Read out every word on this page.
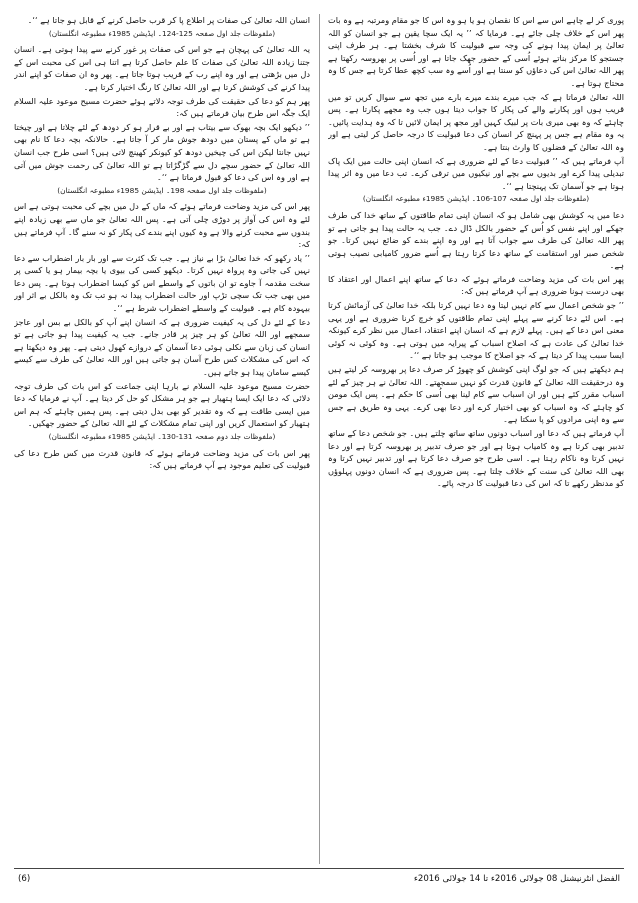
پوری کر لے چاہے اس سے اس کا نقصان ہو یا ہو وہ اس کا جو مقام ومرتبہ ہے وہ بات پھر اس کے خلاف چلی جائے ہے۔ فرمایا کہ ’’ یہ ایک سچا یقین ہے جو انسان کو اللہ تعالیٰ پر ایمان پیدا ہونے کی وجہ سے قبولیت کا شرف بخشتا ہے۔ ہر طرف اپنی جستجو کا مرکز بناتے ہوئے اُسی کے حضور جھک جاتا ہے اور اُسی پر بھروسہ رکھتا ہے پھر اللہ تعالیٰ اس کی دعاؤں کو سنتا ہے اور اُسے وہ سب کچھ عطا کرتا ہے جس کا وہ محتاج ہوتا ہے۔

اللہ تعالیٰ فرماتا ہے کہ جب میرے بندے میرے بارے میں تجھ سے سوال کریں تو میں قریب ہوں اور پکارنے والے کی پکار کا جواب دیتا ہوں جب وہ مجھے پکارتا ہے۔ پس چاہئے کہ وہ بھی میری بات پر لبیک کہیں اور مجھ پر ایمان لائیں تا کہ وہ ہدایت پائیں۔ یہ وہ مقام ہے جس پر پہنچ کر انسان کی دعا قبولیت کا درجہ حاصل کر لیتی ہے اور وہ اللہ تعالیٰ کے فضلوں کا وارث بنتا ہے۔

آپ فرماتے ہیں کہ ’’ قبولیت دعا کے لئے ضروری ہے کہ انسان اپنی حالت میں ایک پاک تبدیلی پیدا کرے اور بدیوں سے بچے اور نیکیوں میں ترقی کرے۔ تب دعا میں وہ اثر پیدا ہوتا ہے جو آسمان تک پہنچتا ہے ‘‘۔

(ملفوظات جلد اول صفحہ 107-106۔ ایڈیشن 1985ء مطبوعہ انگلستان)

دعا میں یہ کوشش بھی شامل ہو کہ انسان اپنی تمام طاقتوں کے ساتھ خدا کی طرف جھکے اور اپنے نفس کو اُس کے حضور بالکل ڈال دے۔ جب یہ حالت پیدا ہو جاتی ہے تو پھر اللہ تعالیٰ کی طرف سے جواب آتا ہے اور وہ اپنے بندے کو ضائع نہیں کرتا۔ جو شخص صبر اور استقامت کے ساتھ دعا کرتا رہتا ہے اُسے ضرور کامیابی نصیب ہوتی ہے۔

پھر اس بات کی مزید وضاحت فرماتے ہوئے کہ دعا کے ساتھ اپنے اعمال اور اعتقاد کا بھی درست ہونا ضروری ہے آپ فرماتے ہیں کہ:

’’ جو شخص اعمال سے کام نہیں لیتا وہ دعا نہیں کرتا بلکہ خدا تعالیٰ کی آزمائش کرتا ہے۔ اس لئے دعا کرنے سے پہلے اپنی تمام طاقتوں کو خرچ کرنا ضروری ہے اور یہی معنی اس دعا کے ہیں۔ پہلے لازم ہے کہ انسان اپنے اعتقاد، اعمال میں نظر کرے کیونکہ خدا تعالیٰ کی عادت ہے کہ اصلاح اسباب کے پیرایہ میں ہوتی ہے۔ وہ کوئی نہ کوئی ایسا سبب پیدا کر دیتا ہے کہ جو اصلاح کا موجب ہو جاتا ہے ‘‘۔

ہم دیکھتے ہیں کہ جو لوگ اپنی کوشش کو چھوڑ کر صرف دعا پر بھروسہ کر لیتے ہیں وہ درحقیقت اللہ تعالیٰ کے قانون قدرت کو نہیں سمجھتے۔ اللہ تعالیٰ نے ہر چیز کے لئے اسباب مقرر کئے ہیں اور ان اسباب سے کام لینا بھی اُسی کا حکم ہے۔ پس ایک مومن کو چاہئے کہ وہ اسباب کو بھی اختیار کرے اور دعا بھی کرے۔ یہی وہ طریق ہے جس سے وہ اپنی مرادوں کو پا سکتا ہے۔

آپ فرماتے ہیں کہ دعا اور اسباب دونوں ساتھ ساتھ چلتے ہیں۔ جو شخص دعا کے ساتھ تدبیر بھی کرتا ہے وہ کامیاب ہوتا ہے اور جو صرف تدبیر پر بھروسہ کرتا ہے اور دعا نہیں کرتا وہ ناکام رہتا ہے۔ اسی طرح جو صرف دعا کرتا ہے اور تدبیر نہیں کرتا وہ بھی اللہ تعالیٰ کی سنت کے خلاف چلتا ہے۔ پس ضروری ہے کہ انسان دونوں پہلوؤں کو مدنظر رکھے تا کہ اس کی دعا قبولیت کا درجہ پائے۔

انسان اللہ تعالیٰ کی صفات پر اطلاع پا کر قرب حاصل کرنے کے قابل ہو جاتا ہے ‘‘۔

(ملفوظات جلد اول صفحہ 125-124۔ ایڈیشن 1985ء مطبوعہ انگلستان)

یہ اللہ تعالیٰ کی پہچان ہے جو اس کی صفات پر غور کرنے سے پیدا ہوتی ہے۔ انسان جتنا زیادہ اللہ تعالیٰ کی صفات کا علم حاصل کرتا ہے اتنا ہی اس کی محبت اس کے دل میں بڑھتی ہے اور وہ اپنے رب کے قریب ہوتا جاتا ہے۔ پھر وہ ان صفات کو اپنے اندر پیدا کرنے کی کوشش کرتا ہے اور اللہ تعالیٰ کا رنگ اختیار کرتا ہے۔

پھر ہم کو دعا کی حقیقت کی طرف توجہ دلاتے ہوئے حضرت مسیح موعود علیہ السلام ایک جگہ اس طرح بیان فرماتے ہیں کہ:

’’ دیکھو ایک بچہ بھوک سے بیتاب ہے اور بے قرار ہو کر دودھ کے لئے چلاتا ہے اور چیختا ہے تو ماں کے پستان میں دودھ جوش مار کر آ جاتا ہے۔ حالانکہ بچہ دعا کا نام بھی نہیں جانتا لیکن اس کی چیخیں دودھ کو کیونکر کھینچ لاتی ہیں؟ اسی طرح جب انسان اللہ تعالیٰ کے حضور سچے دل سے گڑگڑاتا ہے تو اللہ تعالیٰ کی رحمت جوش میں آتی ہے اور وہ اس کی دعا کو قبول فرماتا ہے ‘‘۔

(ملفوظات جلد اول صفحہ 198۔ ایڈیشن 1985ء مطبوعہ انگلستان)

پھر اس کی مزید وضاحت فرماتے ہوئے کہ ماں کے دل میں بچے کی محبت ہوتی ہے اس لئے وہ اس کی آواز پر دوڑی چلی آتی ہے۔ پس اللہ تعالیٰ جو ماں سے بھی زیادہ اپنے بندوں سے محبت کرنے والا ہے وہ کیوں اپنے بندے کی پکار کو نہ سنے گا۔ آپ فرماتے ہیں کہ:

’’ یاد رکھو کہ خدا تعالیٰ بڑا بے نیاز ہے۔ جب تک کثرت سے اور بار بار اضطراب سے دعا نہیں کی جاتی وہ پرواہ نہیں کرتا۔ دیکھو کسی کی بیوی یا بچہ بیمار ہو یا کسی پر سخت مقدمہ آ جاوے تو ان باتوں کے واسطے اس کو کیسا اضطراب ہوتا ہے۔ پس دعا میں بھی جب تک سچی تڑپ اور حالت اضطراب پیدا نہ ہو تب تک وہ بالکل بے اثر اور بیہودہ کام ہے۔ قبولیت کے واسطے اضطراب شرط ہے ‘‘۔

دعا کے لئے دل کی یہ کیفیت ضروری ہے کہ انسان اپنے آپ کو بالکل بے بس اور عاجز سمجھے اور اللہ تعالیٰ کو ہر چیز پر قادر جانے۔ جب یہ کیفیت پیدا ہو جاتی ہے تو انسان کی زبان سے نکلی ہوئی دعا آسمان کے دروازے کھول دیتی ہے۔ پھر وہ دیکھتا ہے کہ اس کی مشکلات کس طرح آسان ہو جاتی ہیں اور اللہ تعالیٰ کی طرف سے کیسے کیسے سامان پیدا ہو جاتے ہیں۔

حضرت مسیح موعود علیہ السلام نے بارہا اپنی جماعت کو اس بات کی طرف توجہ دلائی کہ دعا ایک ایسا ہتھیار ہے جو ہر مشکل کو حل کر دیتا ہے۔ آپ نے فرمایا کہ دعا میں ایسی طاقت ہے کہ وہ تقدیر کو بھی بدل دیتی ہے۔ پس ہمیں چاہئے کہ ہم اس ہتھیار کو استعمال کریں اور اپنی تمام مشکلات کے لئے اللہ تعالیٰ کے حضور جھکیں۔

(ملفوظات جلد دوم صفحہ 131-130۔ ایڈیشن 1985ء مطبوعہ انگلستان)

پھر اس بات کی مزید وضاحت فرماتے ہوئے کہ قانون قدرت میں کس طرح دعا کی قبولیت کی تعلیم موجود ہے آپ فرماتے ہیں کہ:

الفضل انٹرنیشنل 08 جولائی 2016ء تا 14 جولائی 2016ء
(6)
